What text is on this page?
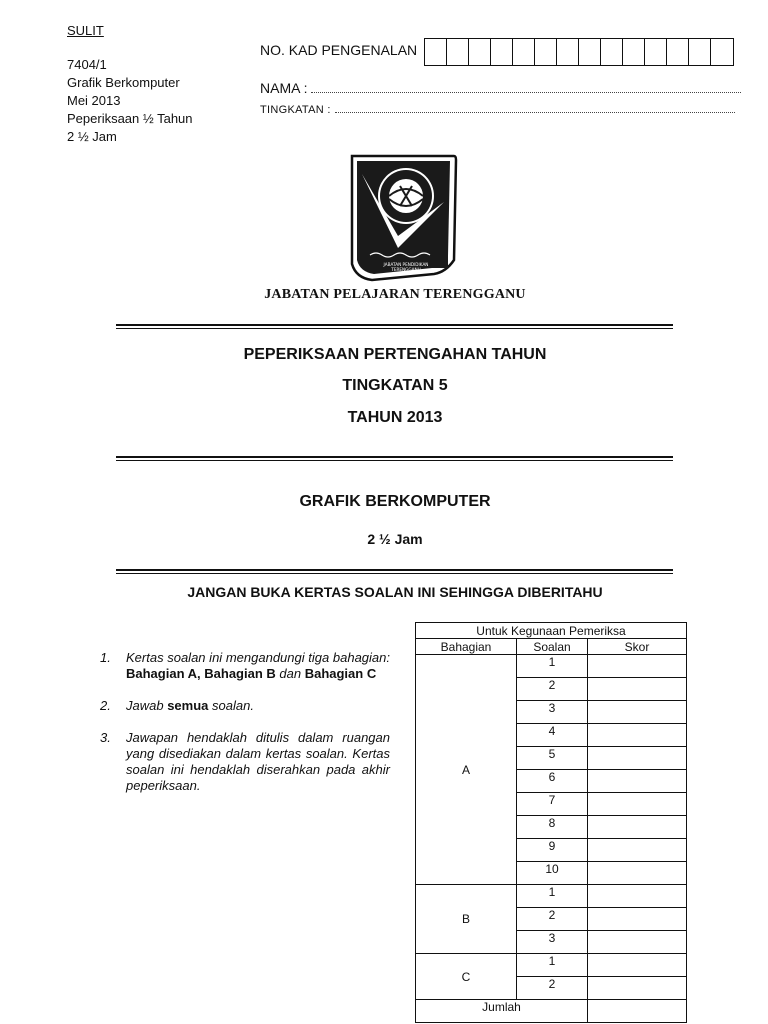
SULIT
7404/1
Grafik Berkomputer
Mei 2013
Peperiksaan ½ Tahun
2 ½ Jam
NO. KAD PENGENALAN
NAMA :
TINGKATAN :
JABATAN PENDIDIKAN
TERENGGANU
JABATAN PELAJARAN TERENGGANU
PEPERIKSAAN PERTENGAHAN TAHUN
TINGKATAN 5
TAHUN 2013
GRAFIK BERKOMPUTER
2 ½ Jam
JANGAN BUKA KERTAS SOALAN INI SEHINGGA DIBERITAHU
1.	Kertas soalan ini mengandungi tiga bahagian: Bahagian A, Bahagian B dan Bahagian C
2.	Jawab semua soalan.
3.	Jawapan hendaklah ditulis dalam ruangan yang disediakan dalam kertas soalan. Kertas soalan ini hendaklah diserahkan pada akhir peperiksaan.
Untuk Kegunaan Pemeriksa		
Bahagian	Soalan	Skor
A	1	
	2	
	3	
	4	
	5	
	6	
	7	
	8	
	9	
	10	
B	1	
	2	
	3	
C	1	
	2	
Jumlah		
